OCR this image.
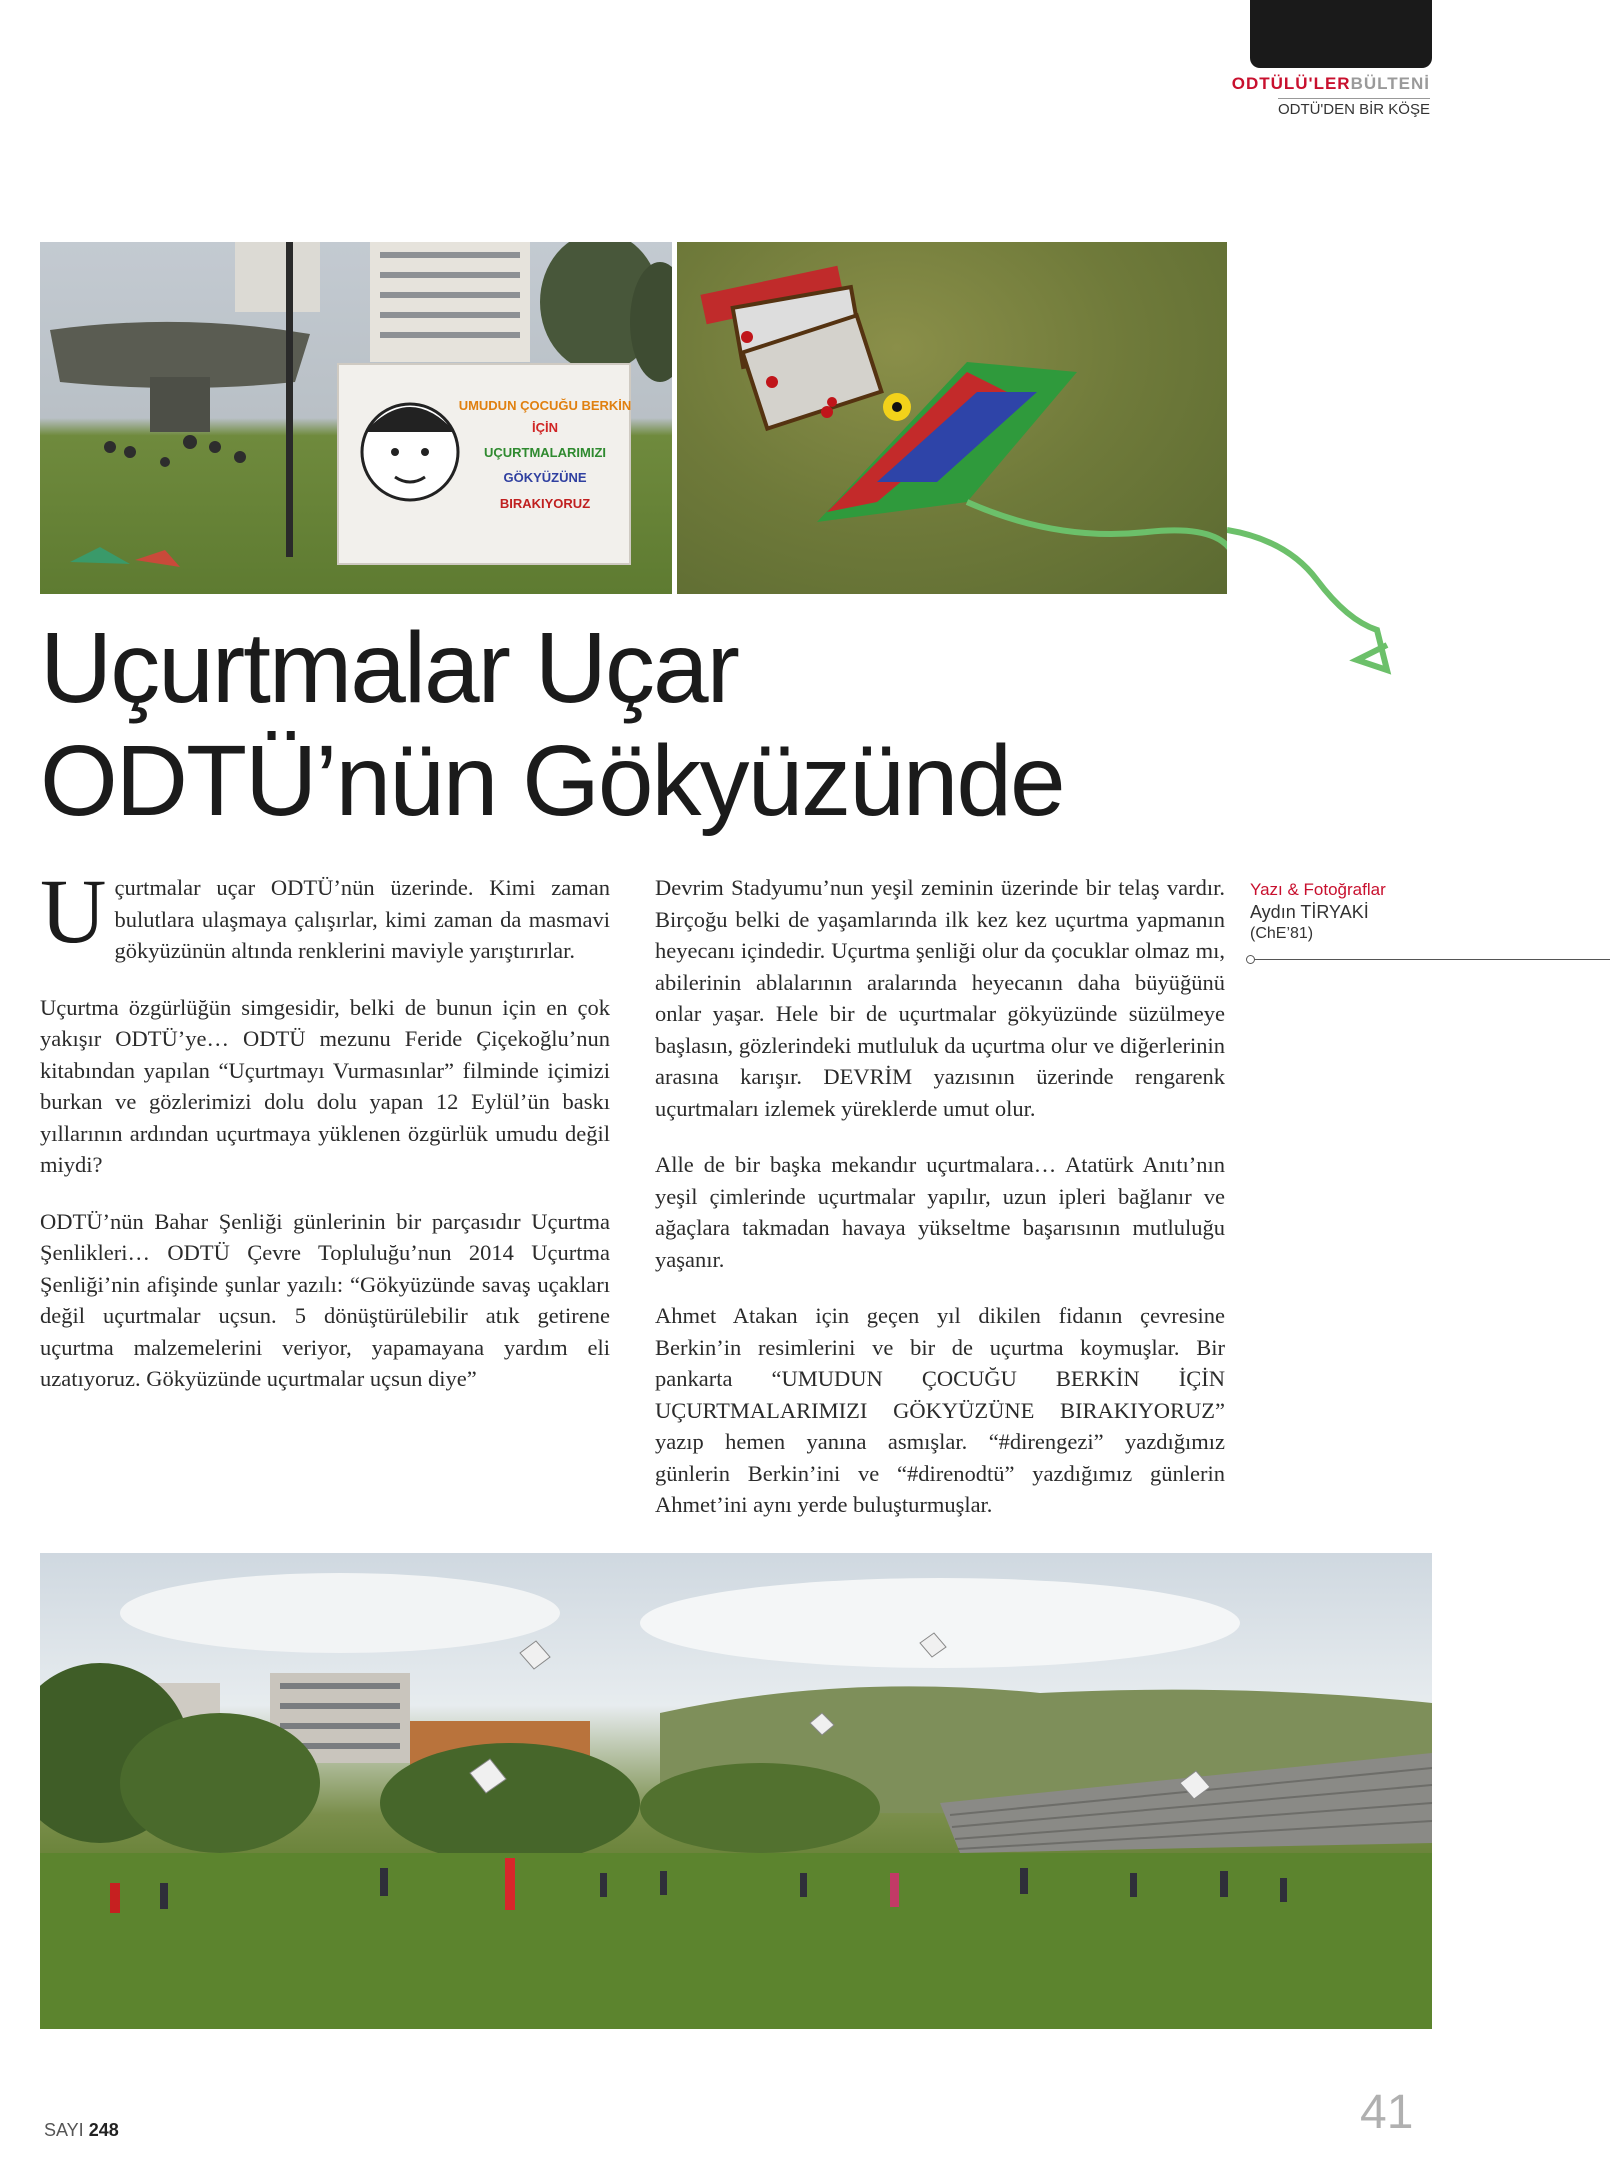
ODTÜLÜ'LERBÜLTENİ
ODTÜ'DEN BİR KÖŞE
UMUDUN ÇOCUĞU BERKİN
İÇİN
UÇURTMALARIMIZI
GÖKYÜZÜNE
BIRAKIYORUZ
Uçurtmalar Uçar
ODTÜ’nün Gökyüzünde

Uçurtmalar uçar ODTÜ’nün üzerinde. Kimi zaman bulutlara ulaşmaya çalışırlar, kimi zaman da masmavi gökyüzünün altında renklerini maviyle yarıştırırlar.

Uçurtma özgürlüğün simgesidir, belki de bunun için en çok yakışır ODTÜ’ye… ODTÜ mezunu Feride Çiçekoğlu’nun kitabından yapılan “Uçurtmayı Vurmasınlar” filminde içimizi burkan ve gözlerimizi dolu dolu yapan 12 Eylül’ün baskı yıllarının ardından uçurtmaya yüklenen özgürlük umudu değil miydi?

ODTÜ’nün Bahar Şenliği günlerinin bir parçasıdır Uçurtma Şenlikleri… ODTÜ Çevre Topluluğu’nun 2014 Uçurtma Şenliği’nin afişinde şunlar yazılı: “Gökyüzünde savaş uçakları değil uçurtmalar uçsun. 5 dönüştürülebilir atık getirene uçurtma malzemelerini veriyor, yapamayana yardım eli uzatıyoruz. Gökyüzünde uçurtmalar uçsun diye”

Devrim Stadyumu’nun yeşil zeminin üzerinde bir telaş vardır. Birçoğu belki de yaşamlarında ilk kez kez uçurtma yapmanın heyecanı içindedir. Uçurtma şenliği olur da çocuklar olmaz mı, abilerinin ablalarının aralarında heyecanın daha büyüğünü onlar yaşar. Hele bir de uçurtmalar gökyüzünde süzülmeye başlasın, gözlerindeki mutluluk da uçurtma olur ve diğerlerinin arasına karışır. DEVRİM yazısının üzerinde rengarenk uçurtmaları izlemek yüreklerde umut olur.

Alle de bir başka mekandır uçurtmalara… Atatürk Anıtı’nın yeşil çimlerinde uçurtmalar yapılır, uzun ipleri bağlanır ve ağaçlara takmadan havaya yükseltme başarısının mutluluğu yaşanır.

Ahmet Atakan için geçen yıl dikilen fidanın çevresine Berkin’in resimlerini ve bir de uçurtma koymuşlar. Bir pankarta “UMUDUN ÇOCUĞU BERKİN İÇİN UÇURTMALARIMIZI GÖKYÜZÜNE BIRAKIYORUZ” yazıp hemen yanına asmışlar. “#direngezi” yazdığımız günlerin Berkin’ini ve “#direnodtü” yazdığımız günlerin Ahmet’ini aynı yerde buluşturmuşlar.

Yazı & Fotoğraflar
Aydın TİRYAKİ
(ChE’81)
SAYI 248	41
